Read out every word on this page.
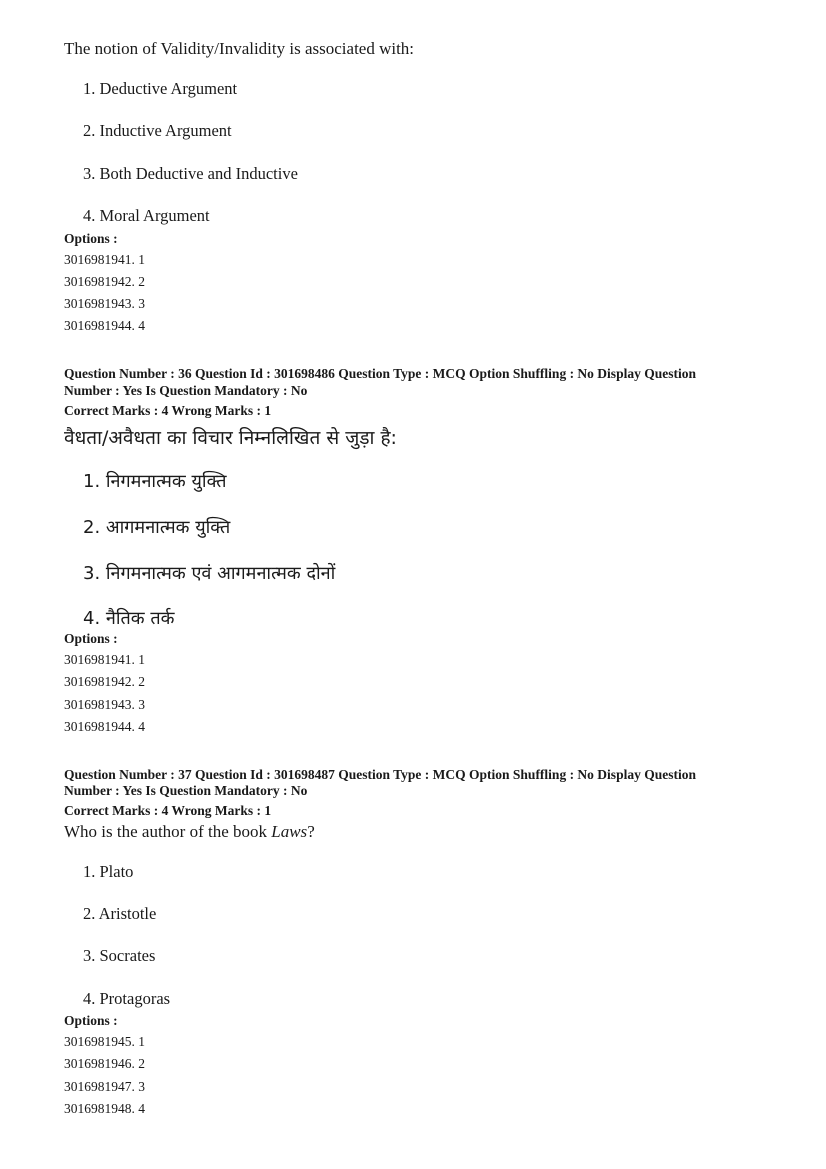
The notion of Validity/Invalidity is associated with:
1. Deductive Argument
2. Inductive Argument
3. Both Deductive and Inductive
4. Moral Argument
Options :
3016981941. 1
3016981942. 2
3016981943. 3
3016981944. 4
Question Number : 36 Question Id : 301698486 Question Type : MCQ Option Shuffling : No Display Question
Number : Yes Is Question Mandatory : No
Correct Marks : 4 Wrong Marks : 1
वैधता/अवैधता का विचार निम्नलिखित से जुड़ा है:
1. निगमनात्मक युक्ति
2. आगमनात्मक युक्ति
3. निगमनात्मक एवं आगमनात्मक दोनों
4. नैतिक तर्क
Options :
3016981941. 1
3016981942. 2
3016981943. 3
3016981944. 4
Question Number : 37 Question Id : 301698487 Question Type : MCQ Option Shuffling : No Display Question
Number : Yes Is Question Mandatory : No
Correct Marks : 4 Wrong Marks : 1
Who is the author of the book Laws?
1. Plato
2. Aristotle
3. Socrates
4. Protagoras
Options :
3016981945. 1
3016981946. 2
3016981947. 3
3016981948. 4
